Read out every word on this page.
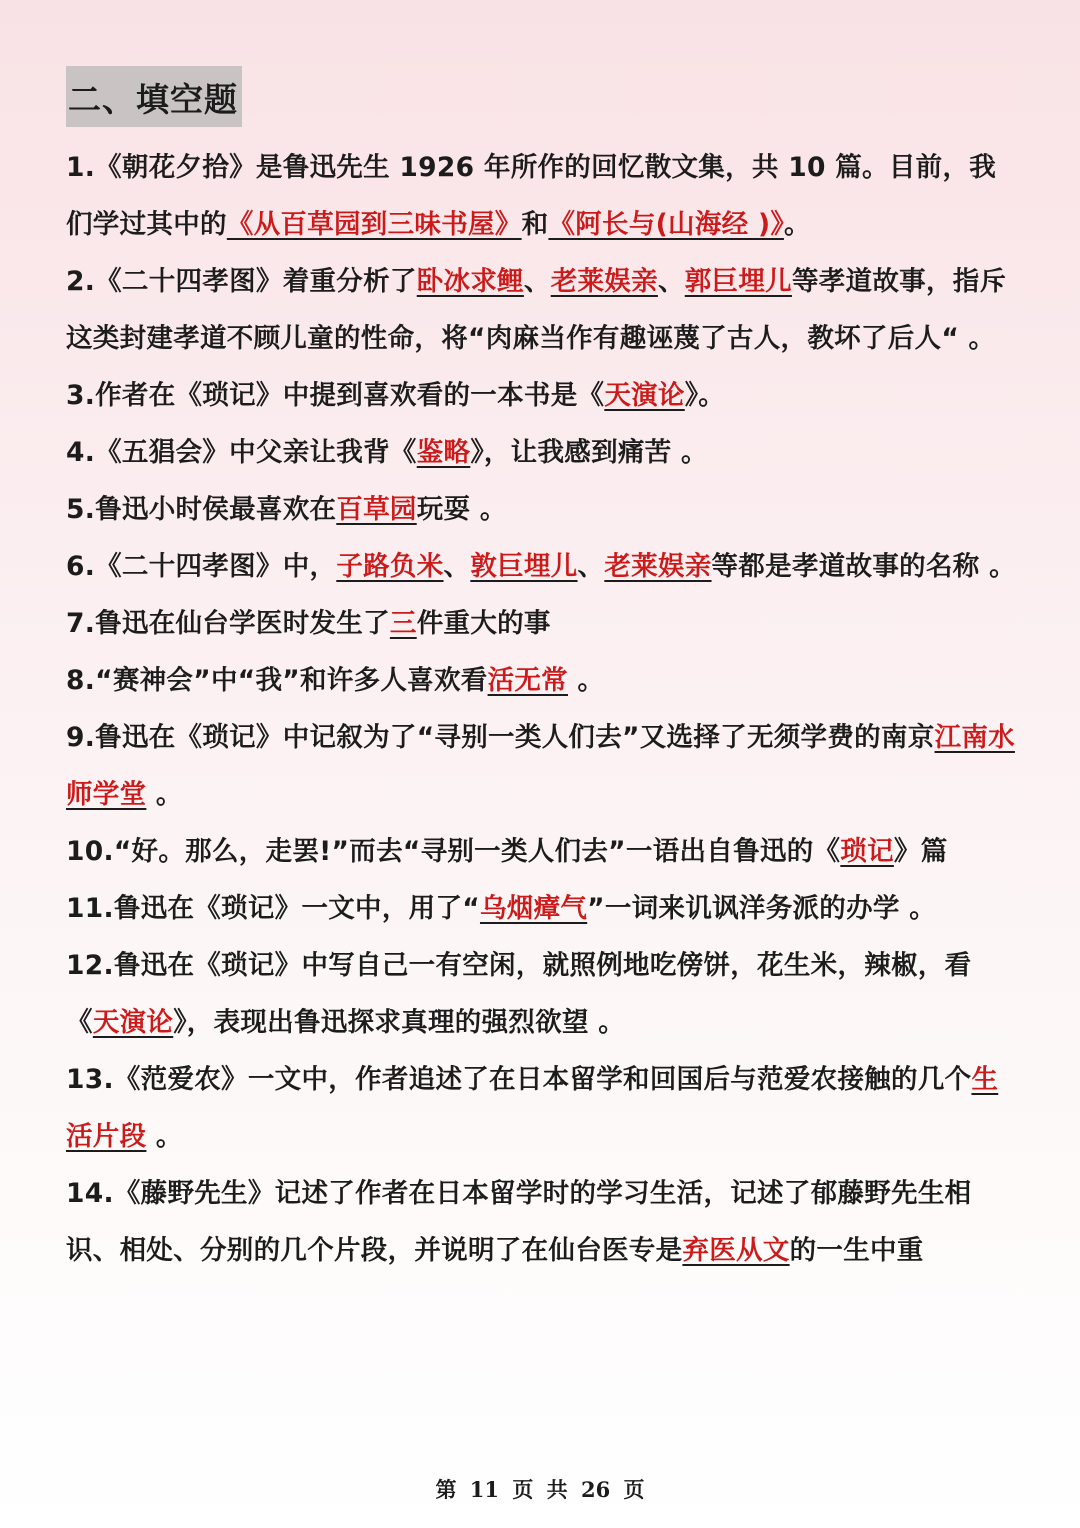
二、填空题
1.《朝花夕拾》是鲁迅先生 1926 年所作的回忆散文集，共 10 篇。目前，我们学过其中的《从百草园到三味书屋》和《阿长与(山海经 )》。
2.《二十四孝图》着重分析了卧冰求鲤、老莱娱亲、郭巨埋儿等孝道故事，指斥这类封建孝道不顾儿童的性命，将“肉麻当作有趣诬蔑了古人，教坏了后人“ 。
3.作者在《琐记》中提到喜欢看的一本书是《天演论》。
4.《五猖会》中父亲让我背《鉴略》，让我感到痛苦 。
5.鲁迅小时侯最喜欢在百草园玩耍 。
6.《二十四孝图》中，子路负米、敦巨埋儿、老莱娱亲等都是孝道故事的名称 。
7.鲁迅在仙台学医时发生了三件重大的事
8.“赛神会”中“我”和许多人喜欢看活无常 。
9.鲁迅在《琐记》中记叙为了“寻别一类人们去”又选择了无须学费的南京江南水师学堂 。
10.“好。那么，走罢!”而去“寻别一类人们去”一语出自鲁迅的《琐记》篇
11.鲁迅在《琐记》一文中，用了“乌烟瘴气”一词来讥讽洋务派的办学 。
12.鲁迅在《琐记》中写自己一有空闲，就照例地吃傍饼，花生米，辣椒，看《天演论》，表现出鲁迅探求真理的强烈欲望 。
13.《范爱农》一文中，作者追述了在日本留学和回国后与范爱农接触的几个生活片段 。
14.《藤野先生》记述了作者在日本留学时的学习生活，记述了郁藤野先生相识、相处、分别的几个片段，并说明了在仙台医专是弃医从文的一生中重
第 11 页 共 26 页
